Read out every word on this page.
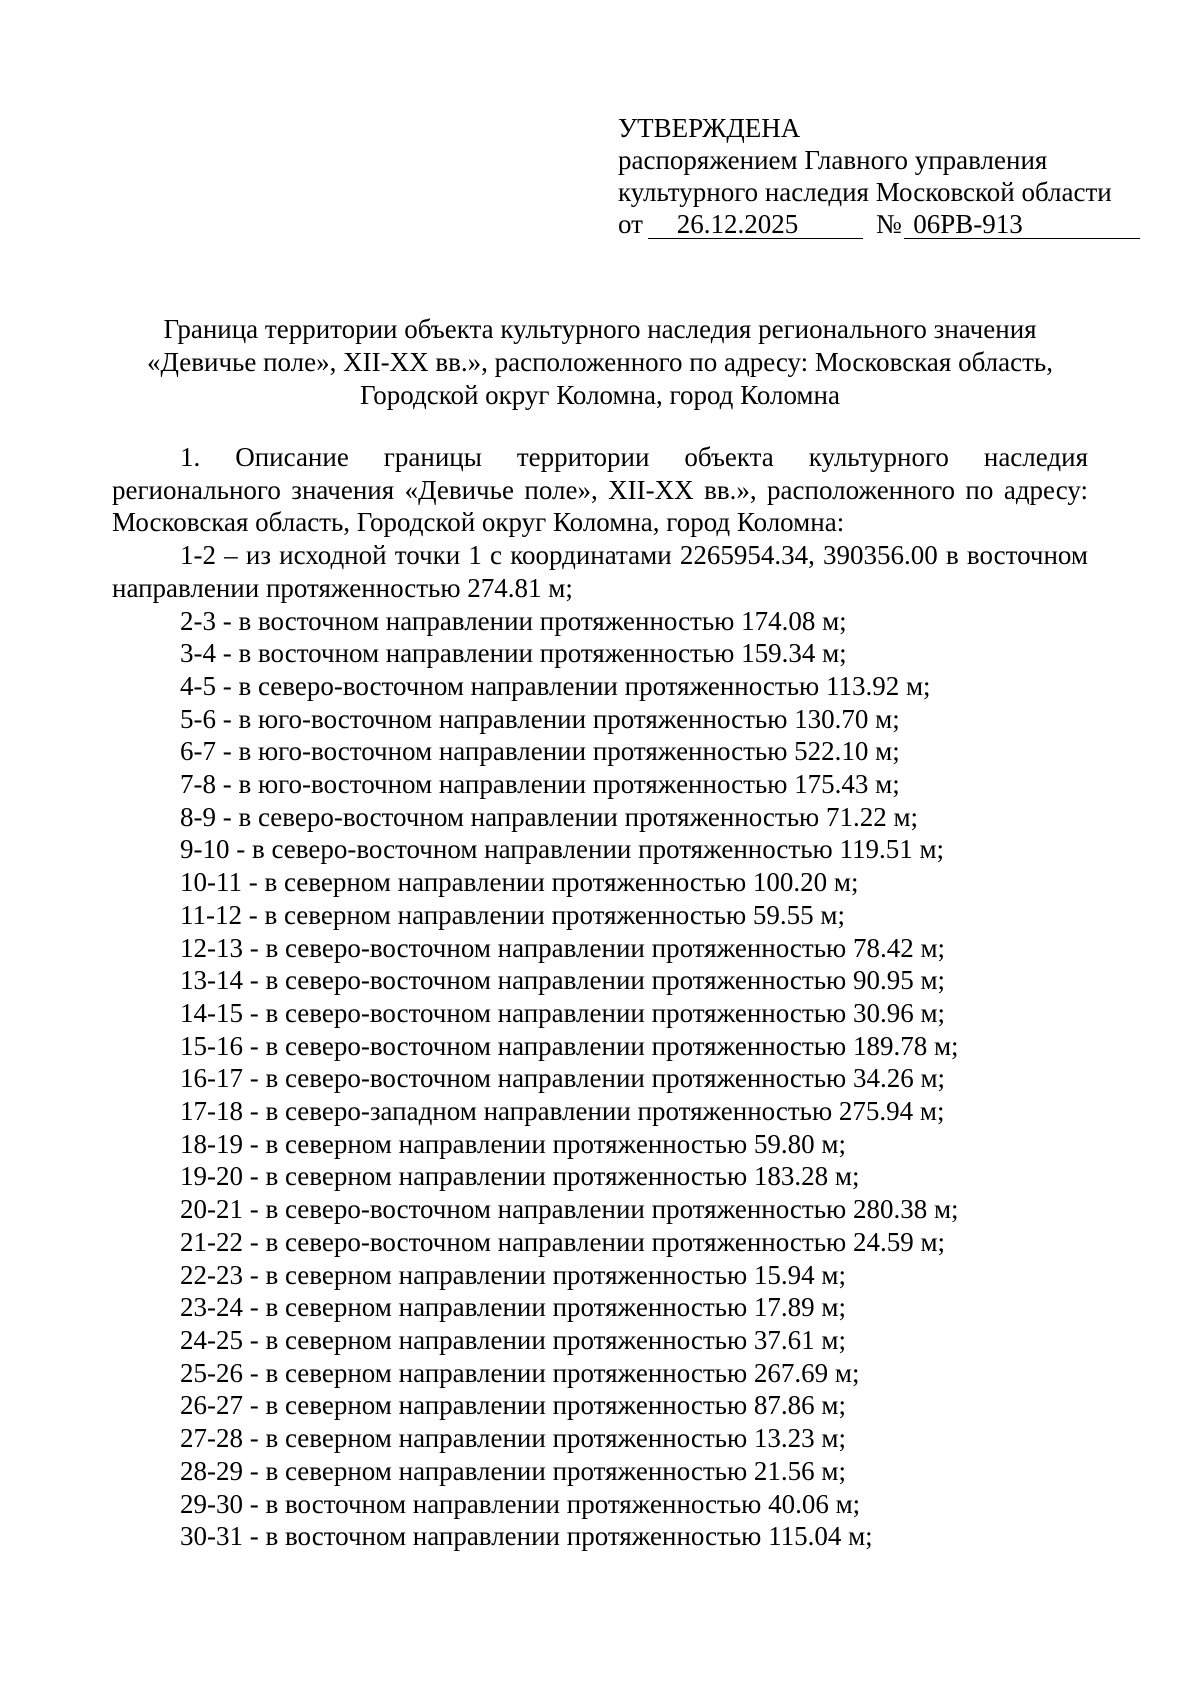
УТВЕРЖДЕНА
распоряжением Главного управления
культурного наследия Московской области
от	26.12.2025	№ 06РВ-913
Граница территории объекта культурного наследия регионального значения
«Девичье поле», XII-XX вв.», расположенного по адресу: Московская область,
Городской округ Коломна, город Коломна

1. Описание границы территории объекта культурного наследия регионального значения «Девичье поле», XII-XX вв.», расположенного по адресу: Московская область, Городской округ Коломна, город Коломна:

1-2 – из исходной точки 1 с координатами 2265954.34, 390356.00 в восточном направлении протяженностью 274.81 м;

2-3 - в восточном направлении протяженностью 174.08 м;
3-4 - в восточном направлении протяженностью 159.34 м;
4-5 - в северо-восточном направлении протяженностью 113.92 м;
5-6 - в юго-восточном направлении протяженностью 130.70 м;
6-7 - в юго-восточном направлении протяженностью 522.10 м;
7-8 - в юго-восточном направлении протяженностью 175.43 м;
8-9 - в северо-восточном направлении протяженностью 71.22 м;
9-10 - в северо-восточном направлении протяженностью 119.51 м;
10-11 - в северном направлении протяженностью 100.20 м;
11-12 - в северном направлении протяженностью 59.55 м;
12-13 - в северо-восточном направлении протяженностью 78.42 м;
13-14 - в северо-восточном направлении протяженностью 90.95 м;
14-15 - в северо-восточном направлении протяженностью 30.96 м;
15-16 - в северо-восточном направлении протяженностью 189.78 м;
16-17 - в северо-восточном направлении протяженностью 34.26 м;
17-18 - в северо-западном направлении протяженностью 275.94 м;
18-19 - в северном направлении протяженностью 59.80 м;
19-20 - в северном направлении протяженностью 183.28 м;
20-21 - в северо-восточном направлении протяженностью 280.38 м;
21-22 - в северо-восточном направлении протяженностью 24.59 м;
22-23 - в северном направлении протяженностью 15.94 м;
23-24 - в северном направлении протяженностью 17.89 м;
24-25 - в северном направлении протяженностью 37.61 м;
25-26 - в северном направлении протяженностью 267.69 м;
26-27 - в северном направлении протяженностью 87.86 м;
27-28 - в северном направлении протяженностью 13.23 м;
28-29 - в северном направлении протяженностью 21.56 м;
29-30 - в восточном направлении протяженностью 40.06 м;
30-31 - в восточном направлении протяженностью 115.04 м;
